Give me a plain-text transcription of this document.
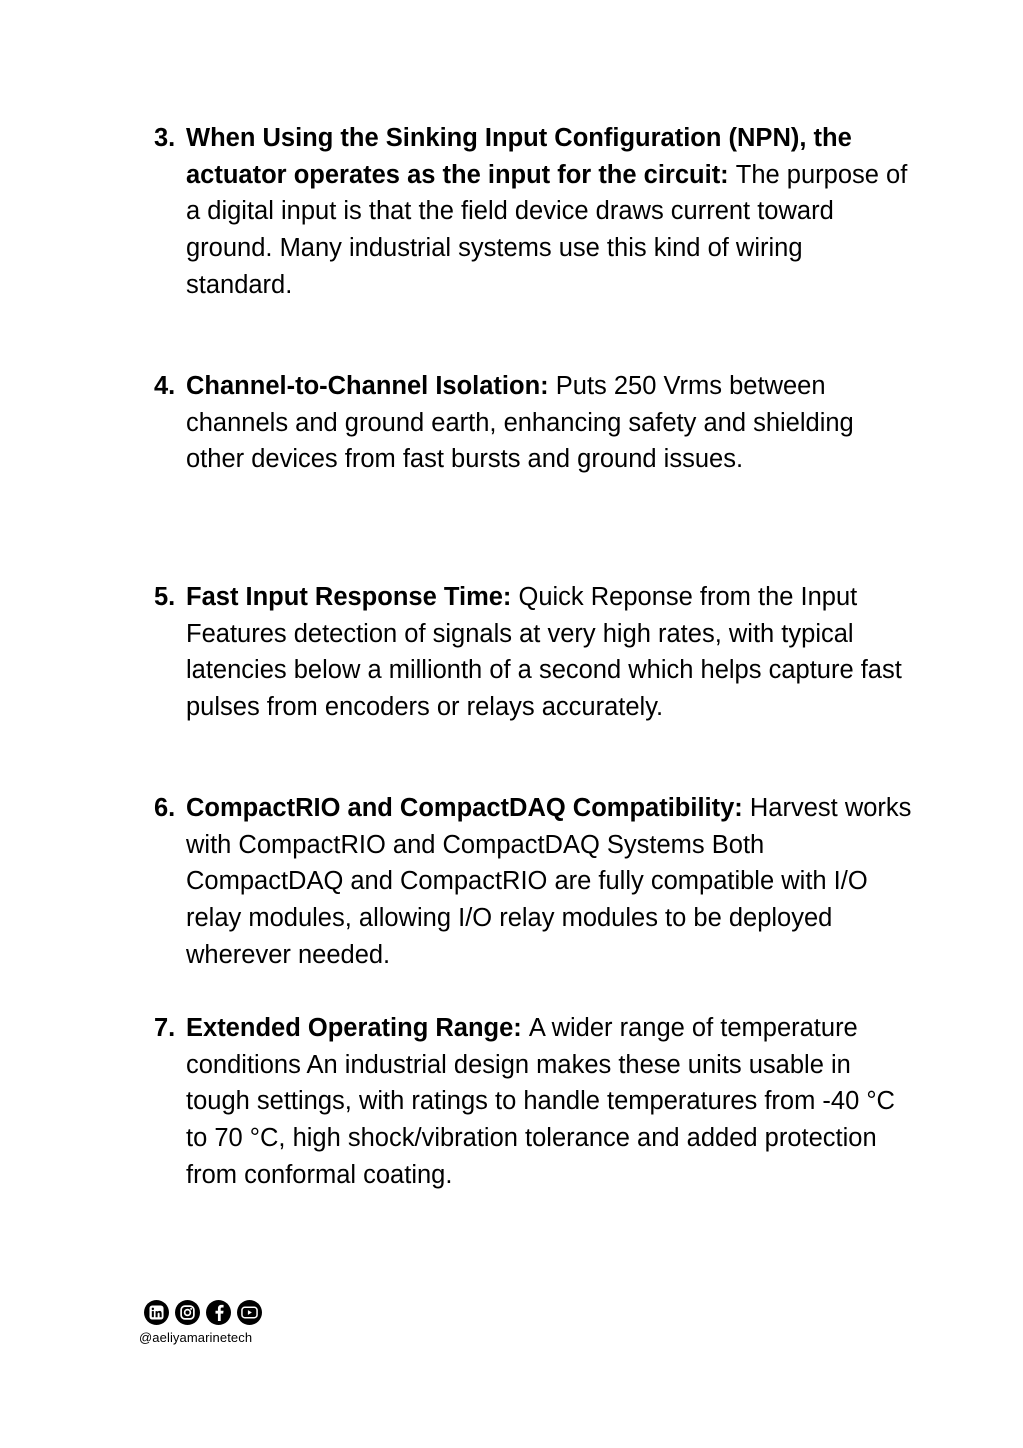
3. When Using the Sinking Input Configuration (NPN), the actuator operates as the input for the circuit: The purpose of a digital input is that the field device draws current toward ground. Many industrial systems use this kind of wiring standard.
4. Channel-to-Channel Isolation: Puts 250 Vrms between channels and ground earth, enhancing safety and shielding other devices from fast bursts and ground issues.
5. Fast Input Response Time: Quick Reponse from the Input Features detection of signals at very high rates, with typical latencies below a millionth of a second which helps capture fast pulses from encoders or relays accurately.
6. CompactRIO and CompactDAQ Compatibility: Harvest works with CompactRIO and CompactDAQ Systems Both CompactDAQ and CompactRIO are fully compatible with I/O relay modules, allowing I/O relay modules to be deployed wherever needed.
7. Extended Operating Range: A wider range of temperature conditions An industrial design makes these units usable in tough settings, with ratings to handle temperatures from -40 °C to 70 °C, high shock/vibration tolerance and added protection from conformal coating.
@aeliyamarinetech
